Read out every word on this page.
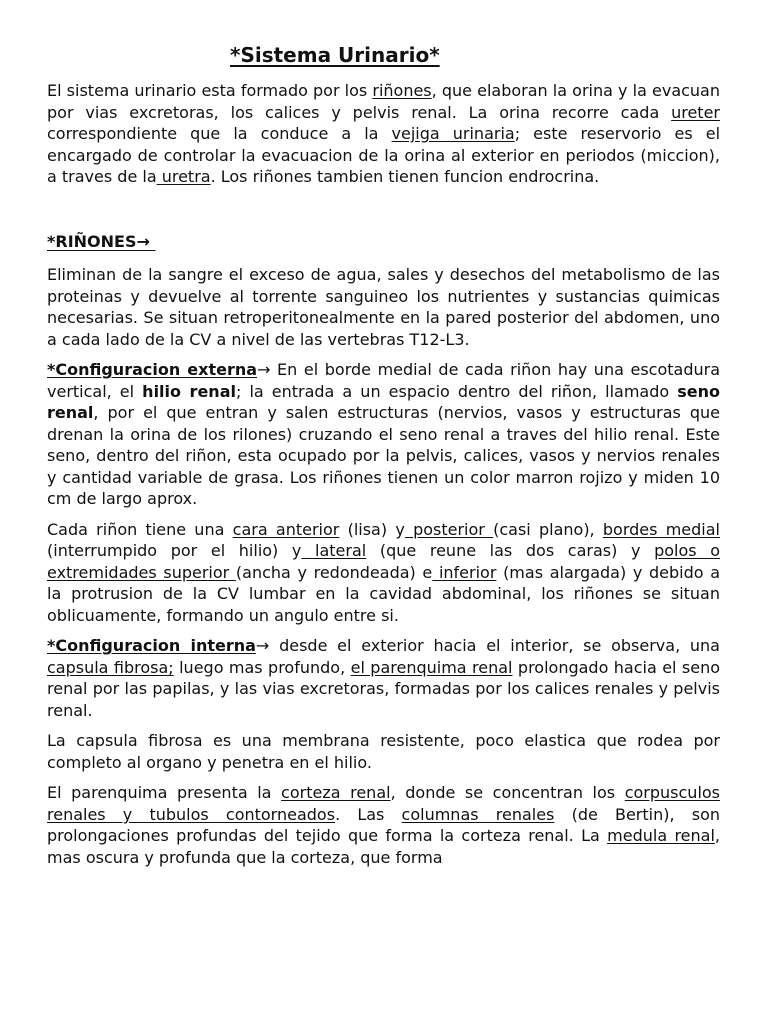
*Sistema Urinario*

El sistema urinario esta formado por los riñones, que elaboran la orina y la evacuan por vias excretoras, los calices y pelvis renal. La orina recorre cada ureter correspondiente que la conduce a la vejiga urinaria; este reservorio es el encargado de controlar la evacuacion de la orina al exterior en periodos (miccion), a traves de la uretra. Los riñones tambien tienen funcion endrocrina.

*RIÑONES→

Eliminan de la sangre el exceso de agua, sales y desechos del metabolismo de las proteinas y devuelve al torrente sanguineo los nutrientes y sustancias quimicas necesarias. Se situan retroperitonealmente en la pared posterior del abdomen, uno a cada lado de la CV a nivel de las vertebras T12-L3.

*Configuracion externa→ En el borde medial de cada riñon hay una escotadura vertical, el hilio renal; la entrada a un espacio dentro del riñon, llamado seno renal, por el que entran y salen estructuras (nervios, vasos y estructuras que drenan la orina de los rilones) cruzando el seno renal a traves del hilio renal. Este seno, dentro del riñon, esta ocupado por la pelvis, calices, vasos y nervios renales y cantidad variable de grasa. Los riñones tienen un color marron rojizo y miden 10 cm de largo aprox.

Cada riñon tiene una cara anterior (lisa) y posterior (casi plano), bordes medial (interrumpido por el hilio) y lateral (que reune las dos caras) y polos o extremidades superior (ancha y redondeada) e inferior (mas alargada) y debido a la protrusion de la CV lumbar en la cavidad abdominal, los riñones se situan oblicuamente, formando un angulo entre si.

*Configuracion interna→ desde el exterior hacia el interior, se observa, una capsula fibrosa; luego mas profundo, el parenquima renal prolongado hacia el seno renal por las papilas, y las vias excretoras, formadas por los calices renales y pelvis renal.

La capsula fibrosa es una membrana resistente, poco elastica que rodea por completo al organo y penetra en el hilio.

El parenquima presenta la corteza renal, donde se concentran los corpusculos renales y tubulos contorneados. Las columnas renales (de Bertin), son prolongaciones profundas del tejido que forma la corteza renal. La medula renal, mas oscura y profunda que la corteza, que forma
